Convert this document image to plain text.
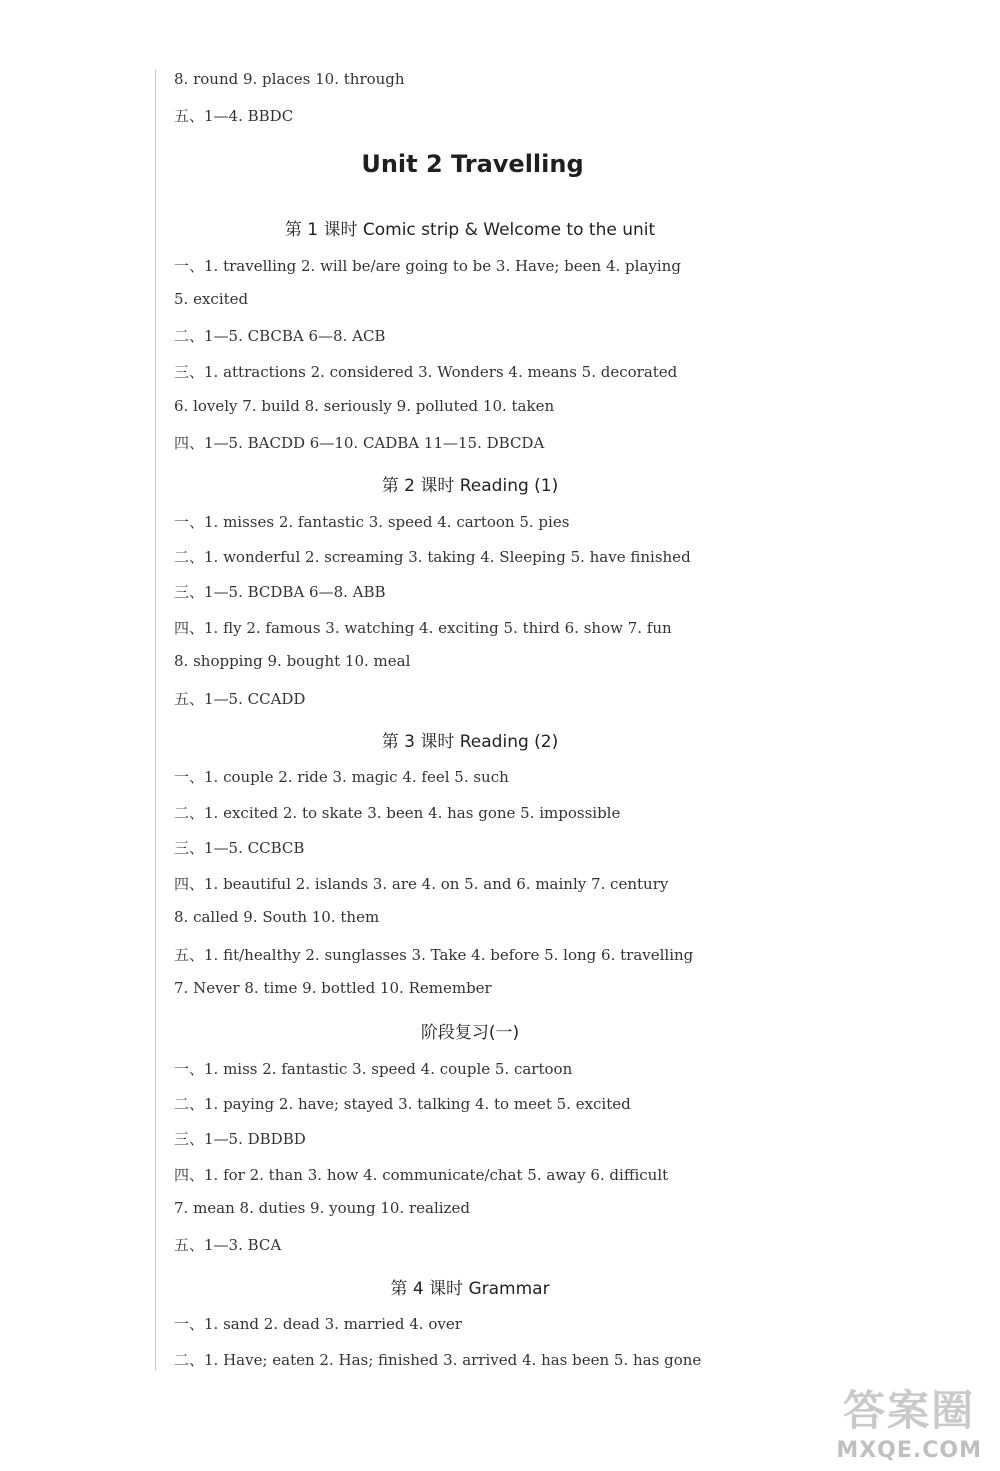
8. round 9. places 10. through
五、1—4. BBDC
Unit 2 Travelling
第 1 课时 Comic strip & Welcome to the unit
一、1. travelling 2. will be/are going to be 3. Have; been 4. playing
5. excited
二、1—5. CBCBA 6—8. ACB
三、1. attractions 2. considered 3. Wonders 4. means 5. decorated
6. lovely 7. build 8. seriously 9. polluted 10. taken
四、1—5. BACDD 6—10. CADBA 11—15. DBCDA
第 2 课时 Reading (1)
一、1. misses 2. fantastic 3. speed 4. cartoon 5. pies
二、1. wonderful 2. screaming 3. taking 4. Sleeping 5. have finished
三、1—5. BCDBA 6—8. ABB
四、1. fly 2. famous 3. watching 4. exciting 5. third 6. show 7. fun
8. shopping 9. bought 10. meal
五、1—5. CCADD
第 3 课时 Reading (2)
一、1. couple 2. ride 3. magic 4. feel 5. such
二、1. excited 2. to skate 3. been 4. has gone 5. impossible
三、1—5. CCBCB
四、1. beautiful 2. islands 3. are 4. on 5. and 6. mainly 7. century
8. called 9. South 10. them
五、1. fit/healthy 2. sunglasses 3. Take 4. before 5. long 6. travelling
7. Never 8. time 9. bottled 10. Remember
阶段复习(一)
一、1. miss 2. fantastic 3. speed 4. couple 5. cartoon
二、1. paying 2. have; stayed 3. talking 4. to meet 5. excited
三、1—5. DBDBD
四、1. for 2. than 3. how 4. communicate/chat 5. away 6. difficult
7. mean 8. duties 9. young 10. realized
五、1—3. BCA
第 4 课时 Grammar
一、1. sand 2. dead 3. married 4. over
二、1. Have; eaten 2. Has; finished 3. arrived 4. has been 5. has gone
答案圈
MXQE.COM
